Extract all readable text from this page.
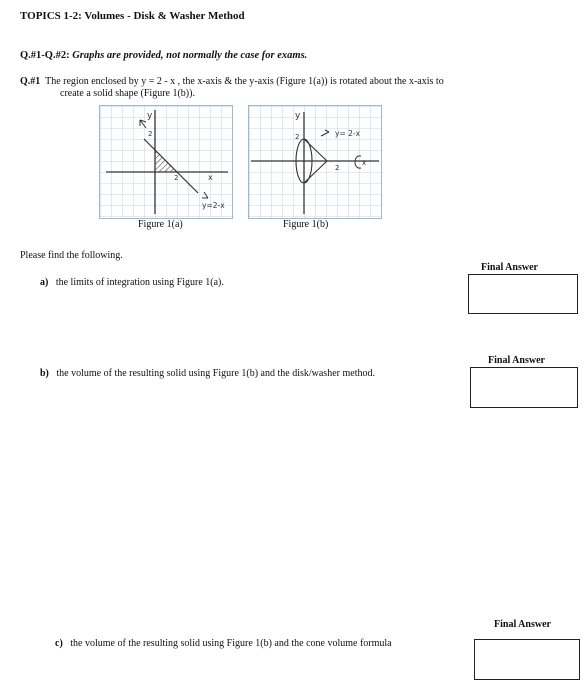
TOPICS 1-2: Volumes - Disk & Washer Method
Q.#1-Q.#2: Graphs are provided, not normally the case for exams.
Q.#1 The region enclosed by y = 2 - x , the x-axis & the y-axis (Figure 1(a)) is rotated about the x-axis to
create a solid shape (Figure 1(b)).
y
2
2	x
y=2-x
Figure 1(a)
y
2
2
y= 2-x
x
Figure 1(b)
Please find the following.
a) the limits of integration using Figure 1(a).
Final Answer
b) the volume of the resulting solid using Figure 1(b) and the disk/washer method.
Final Answer
c) the volume of the resulting solid using Figure 1(b) and the cone volume formula
Final Answer
